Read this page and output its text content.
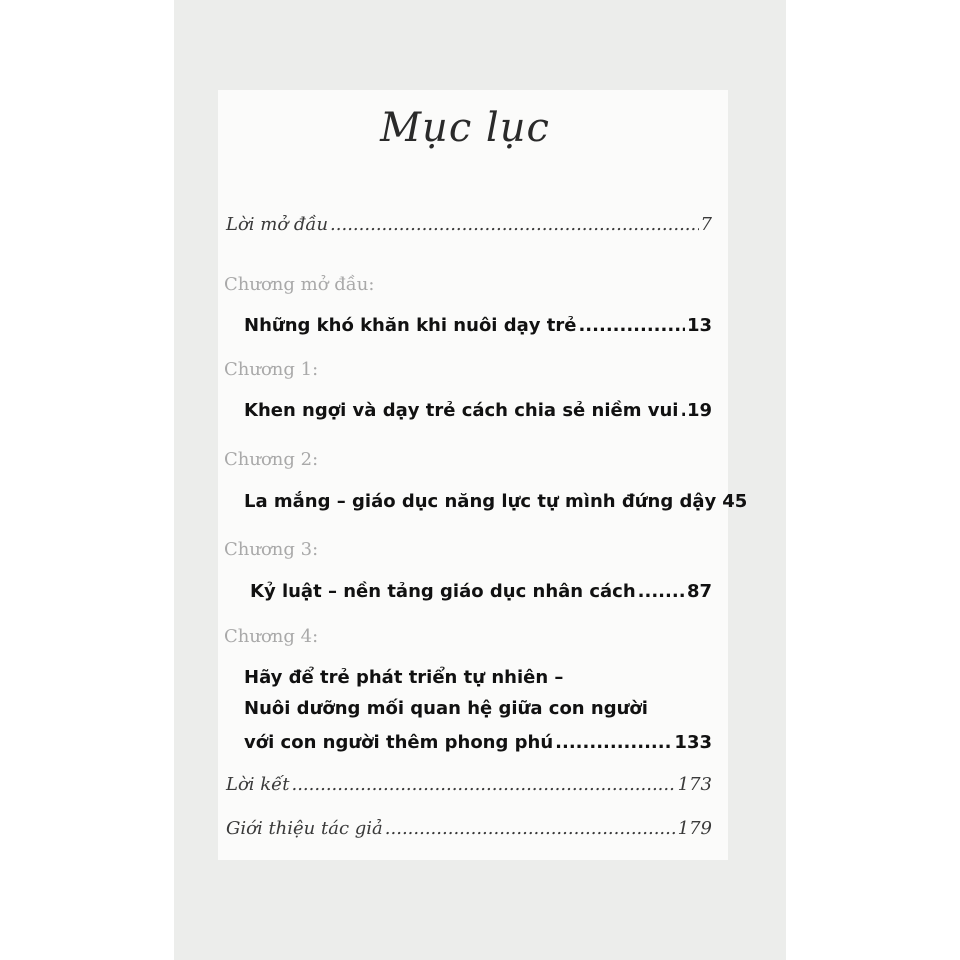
Mục lục
Lời mở đầu .....	7
Chương mở đầu:
Những khó khăn khi nuôi dạy trẻ .....	13
Chương 1:
Khen ngợi và dạy trẻ cách chia sẻ niềm vui ..... 19
Chương 2:
La mắng – giáo dục năng lực tự mình đứng dậy 45
Chương 3:
Kỷ luật – nền tảng giáo dục nhân cách .....	87
Chương 4:
Hãy để trẻ phát triển tự nhiên –
Nuôi dưỡng mối quan hệ giữa con người
với con người thêm phong phú .....	133
Lời kết .....	173
Giới thiệu tác giả .....	179
